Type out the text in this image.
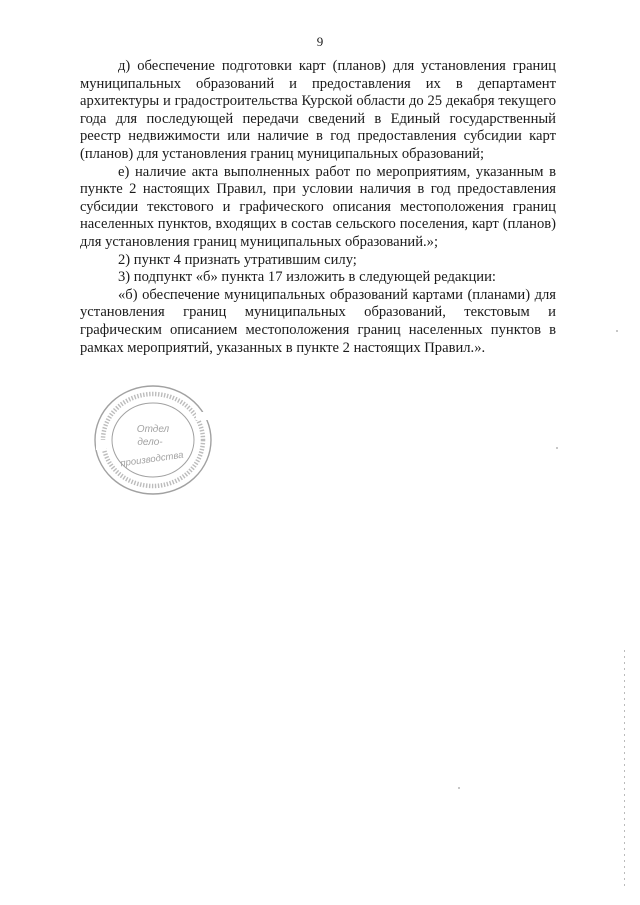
9

д) обеспечение подготовки карт (планов) для установления границ муниципальных образований и предоставления их в департамент архитектуры и градостроительства Курской области до 25 декабря текущего года для последующей передачи сведений в Единый государственный реестр недвижимости или наличие в год предоставления субсидии карт (планов) для установления границ муниципальных образований;

е) наличие акта выполненных работ по мероприятиям, указанным в пункте 2 настоящих Правил, при условии наличия в год предоставления субсидии текстового и графического описания местоположения границ населенных пунктов, входящих в состав сельского поселения, карт (планов) для установления границ муниципальных образований.»;

2) пункт 4 признать утратившим силу;

3) подпункт «б» пункта 17 изложить в следующей редакции:

«б) обеспечение муниципальных образований картами (планами) для установления границ муниципальных образований, текстовым и графическим описанием местоположения границ населенных пунктов в рамках мероприятий, указанных в пункте 2 настоящих Правил.».

Отдел
дело-
производства
